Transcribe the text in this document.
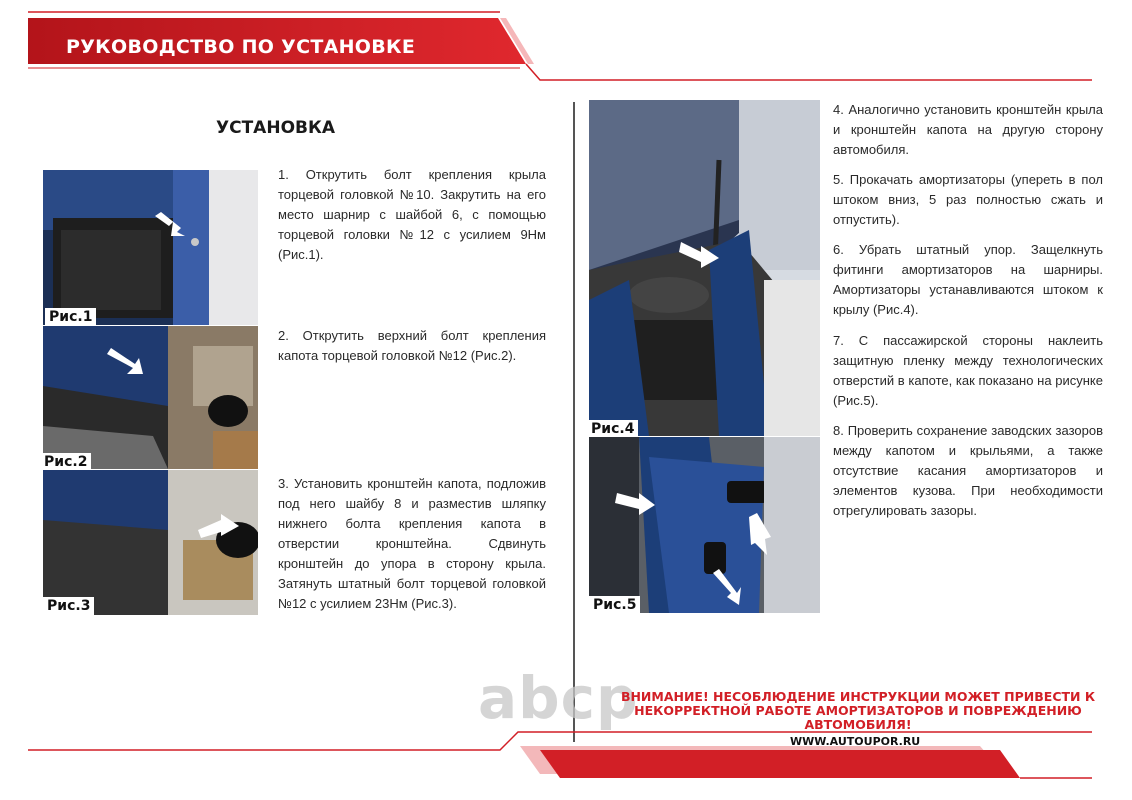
РУКОВОДСТВО ПО УСТАНОВКЕ
УСТАНОВКА
Рис.1
Рис.2
Рис.3
1. Открутить болт крепления крыла торцевой головкой №10. Закрутить на его место шарнир с шайбой 6, с помощью торцевой головки №12 с усилием 9Нм (Рис.1).
2. Открутить верхний болт крепления капота торцевой головкой №12 (Рис.2).
3. Установить кронштейн капота, подложив под него шайбу 8 и разместив шляпку нижнего болта крепления капота в отверстии кронштейна. Сдвинуть кронштейн до упора в сторону крыла. Затянуть штатный болт торцевой головкой №12 с усилием 23Нм (Рис.3).
Рис.4
Рис.5
4. Аналогично установить кронштейн крыла и кронштейн капота на другую сторону автомобиля.
5. Прокачать амортизаторы (упереть в пол штоком вниз, 5 раз полностью сжать и отпустить).
6. Убрать штатный упор. Защелкнуть фитинги амортизаторов на шарниры. Амортизаторы устанавливаются штоком к крылу (Рис.4).
7. С пассажирской стороны наклеить защитную пленку между технологических отверстий в капоте, как показано на рисунке (Рис.5).
8. Проверить сохранение заводских зазоров между капотом и крыльями, а также отсутствие касания амортизаторов и элементов кузова. При необходимости отрегулировать зазоры.
abcp
ВНИМАНИЕ! НЕСОБЛЮДЕНИЕ ИНСТРУКЦИИ МОЖЕТ ПРИВЕСТИ К НЕКОРРЕКТНОЙ РАБОТЕ АМОРТИЗАТОРОВ И ПОВРЕЖДЕНИЮ АВТОМОБИЛЯ!
WWW.AUTOUPOR.RU
